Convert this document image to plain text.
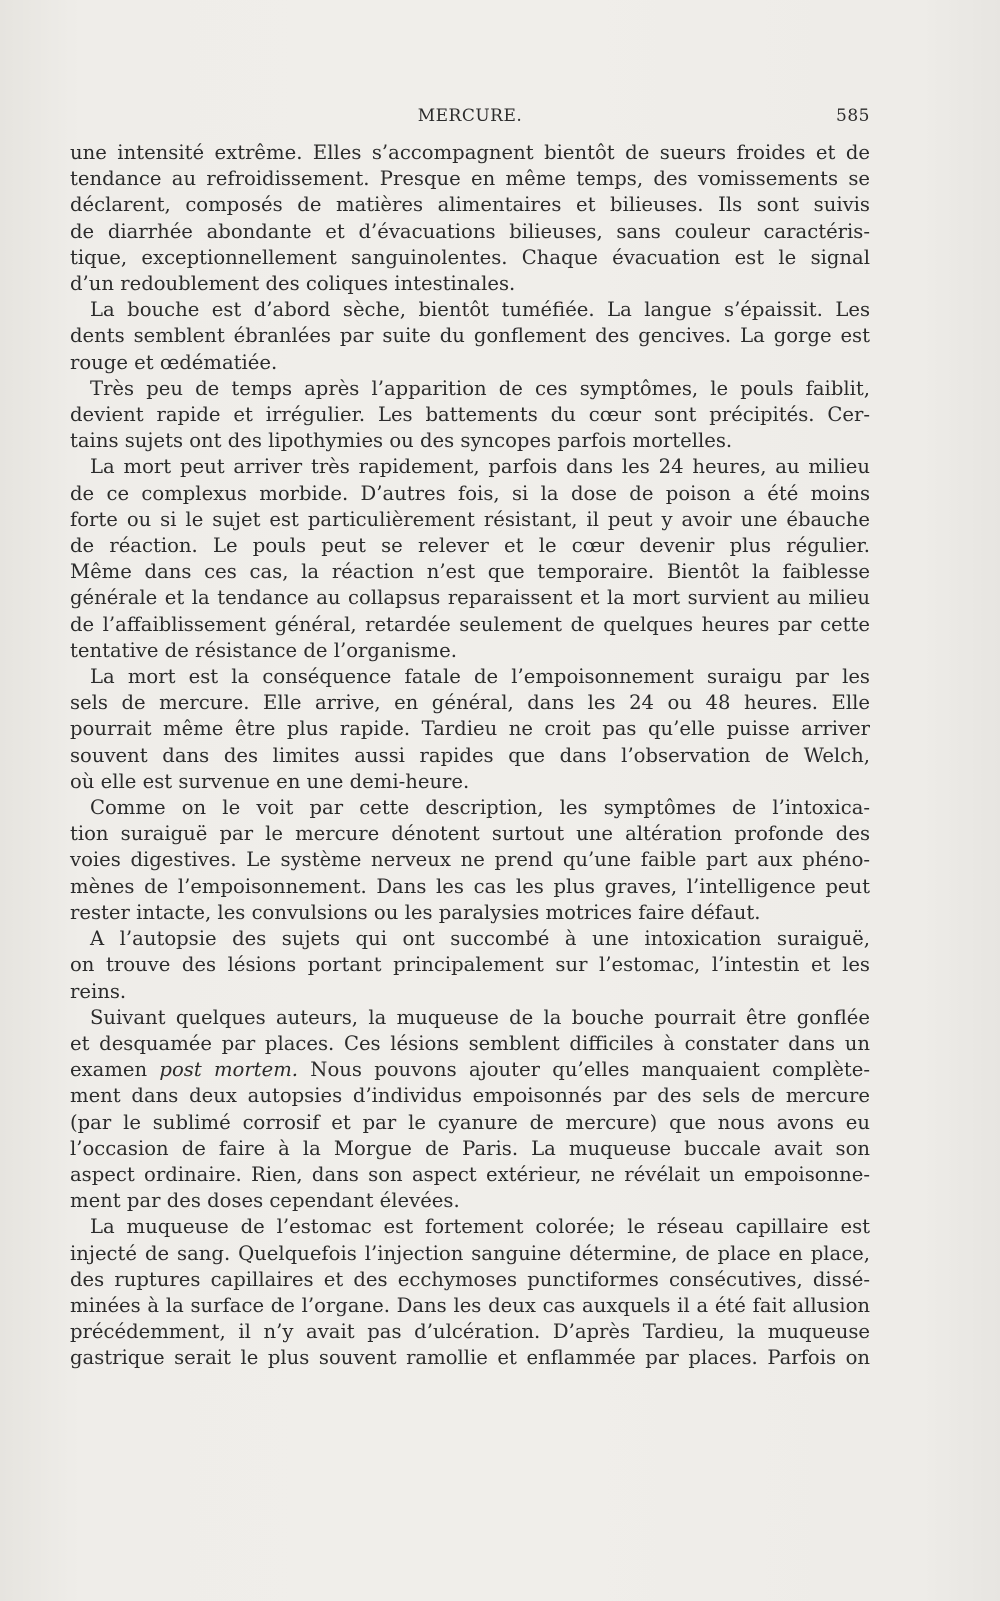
MERCURE.	585

une intensité extrême. Elles s’accompagnent bientôt de sueurs froides et de

tendance au refroidissement. Presque en même temps, des vomissements se

déclarent, composés de matières alimentaires et bilieuses. Ils sont suivis

de diarrhée abondante et d’évacuations bilieuses, sans couleur caractéris-

tique, exceptionnellement sanguinolentes. Chaque évacuation est le signal

d’un redoublement des coliques intestinales.

La bouche est d’abord sèche, bientôt tuméfiée. La langue s’épaissit. Les

dents semblent ébranlées par suite du gonflement des gencives. La gorge est

rouge et œdématiée.

Très peu de temps après l’apparition de ces symptômes, le pouls faiblit,

devient rapide et irrégulier. Les battements du cœur sont précipités. Cer-

tains sujets ont des lipothymies ou des syncopes parfois mortelles.

La mort peut arriver très rapidement, parfois dans les 24 heures, au milieu

de ce complexus morbide. D’autres fois, si la dose de poison a été moins

forte ou si le sujet est particulièrement résistant, il peut y avoir une ébauche

de réaction. Le pouls peut se relever et le cœur devenir plus régulier.

Même dans ces cas, la réaction n’est que temporaire. Bientôt la faiblesse

générale et la tendance au collapsus reparaissent et la mort survient au milieu

de l’affaiblissement général, retardée seulement de quelques heures par cette

tentative de résistance de l’organisme.

La mort est la conséquence fatale de l’empoisonnement suraigu par les

sels de mercure. Elle arrive, en général, dans les 24 ou 48 heures. Elle

pourrait même être plus rapide. Tardieu ne croit pas qu’elle puisse arriver

souvent dans des limites aussi rapides que dans l’observation de Welch,

où elle est survenue en une demi-heure.

Comme on le voit par cette description, les symptômes de l’intoxica-

tion suraiguë par le mercure dénotent surtout une altération profonde des

voies digestives. Le système nerveux ne prend qu’une faible part aux phéno-

mènes de l’empoisonnement. Dans les cas les plus graves, l’intelligence peut

rester intacte, les convulsions ou les paralysies motrices faire défaut.

A l’autopsie des sujets qui ont succombé à une intoxication suraiguë,

on trouve des lésions portant principalement sur l’estomac, l’intestin et les

reins.

Suivant quelques auteurs, la muqueuse de la bouche pourrait être gonflée

et desquamée par places. Ces lésions semblent difficiles à constater dans un

examen post mortem. Nous pouvons ajouter qu’elles manquaient complète-

ment dans deux autopsies d’individus empoisonnés par des sels de mercure

(par le sublimé corrosif et par le cyanure de mercure) que nous avons eu

l’occasion de faire à la Morgue de Paris. La muqueuse buccale avait son

aspect ordinaire. Rien, dans son aspect extérieur, ne révélait un empoisonne-

ment par des doses cependant élevées.

La muqueuse de l’estomac est fortement colorée; le réseau capillaire est

injecté de sang. Quelquefois l’injection sanguine détermine, de place en place,

des ruptures capillaires et des ecchymoses punctiformes consécutives, dissé-

minées à la surface de l’organe. Dans les deux cas auxquels il a été fait allusion

précédemment, il n’y avait pas d’ulcération. D’après Tardieu, la muqueuse

gastrique serait le plus souvent ramollie et enflammée par places. Parfois on
